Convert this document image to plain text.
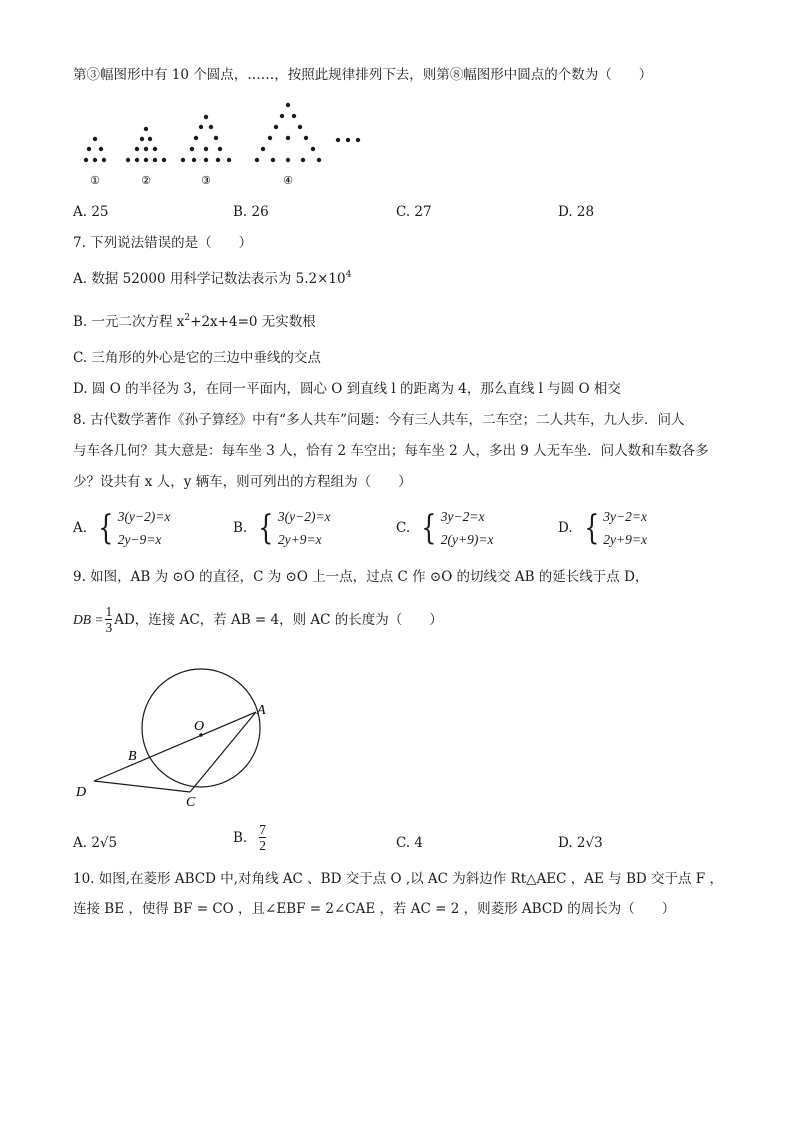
第③幅图形中有 10 个圆点，……，按照此规律排列下去，则第⑧幅图形中圆点的个数为（　　）
①	②	③	④
A. 25	B. 26	C. 27	D. 28
7. 下列说法错误的是（　　）
A. 数据 52000 用科学记数法表示为 $5.2\times 10^4$
B. 一元二次方程 $x^2+2x+4=0$ 无实数根
C. 三角形的外心是它的三边中垂线的交点
D. 圆 O 的半径为 3，在同一平面内，圆心 O 到直线 l 的距离为 4，那么直线 l 与圆 O 相交
8. 古代数学著作《孙子算经》中有“多人共车”问题：今有三人共车，二车空；二人共车，九人步．问人
与车各几何？其大意是：每车坐 3 人，恰有 2 车空出；每车坐 2 人，多出 9 人无车坐．问人数和车数各多
少？设共有 x 人，y 辆车，则可列出的方程组为（　　）
A. { 3(y−2)=x
2y−9=x
B. { 3(y−2)=x
2y+9=x
C. { 3y−2=x
2(y+9)=x
D. { 3y−2=x
2y+9=x
9. 如图，AB 为 ⊙O 的直径，C 为 ⊙O 上一点，过点 C 作 ⊙O 的切线交 AB 的延长线于点 D，
DB = $\frac{1}{3}$ AD，连接 AC，若 AB = 4，则 AC 的长度为（　　）
O
A
B
C
D
A. 2√5	B. $\frac{7}{2}$	C. 4	D. 2√3
10. 如图,在菱形 ABCD 中,对角线 AC 、BD 交于点 O ,以 AC 为斜边作 Rt△AEC ，AE 与 BD 交于点 F ，
连接 BE ，使得 BF = CO ，且∠EBF = 2∠CAE ，若 AC = 2 ，则菱形 ABCD 的周长为（　　）
